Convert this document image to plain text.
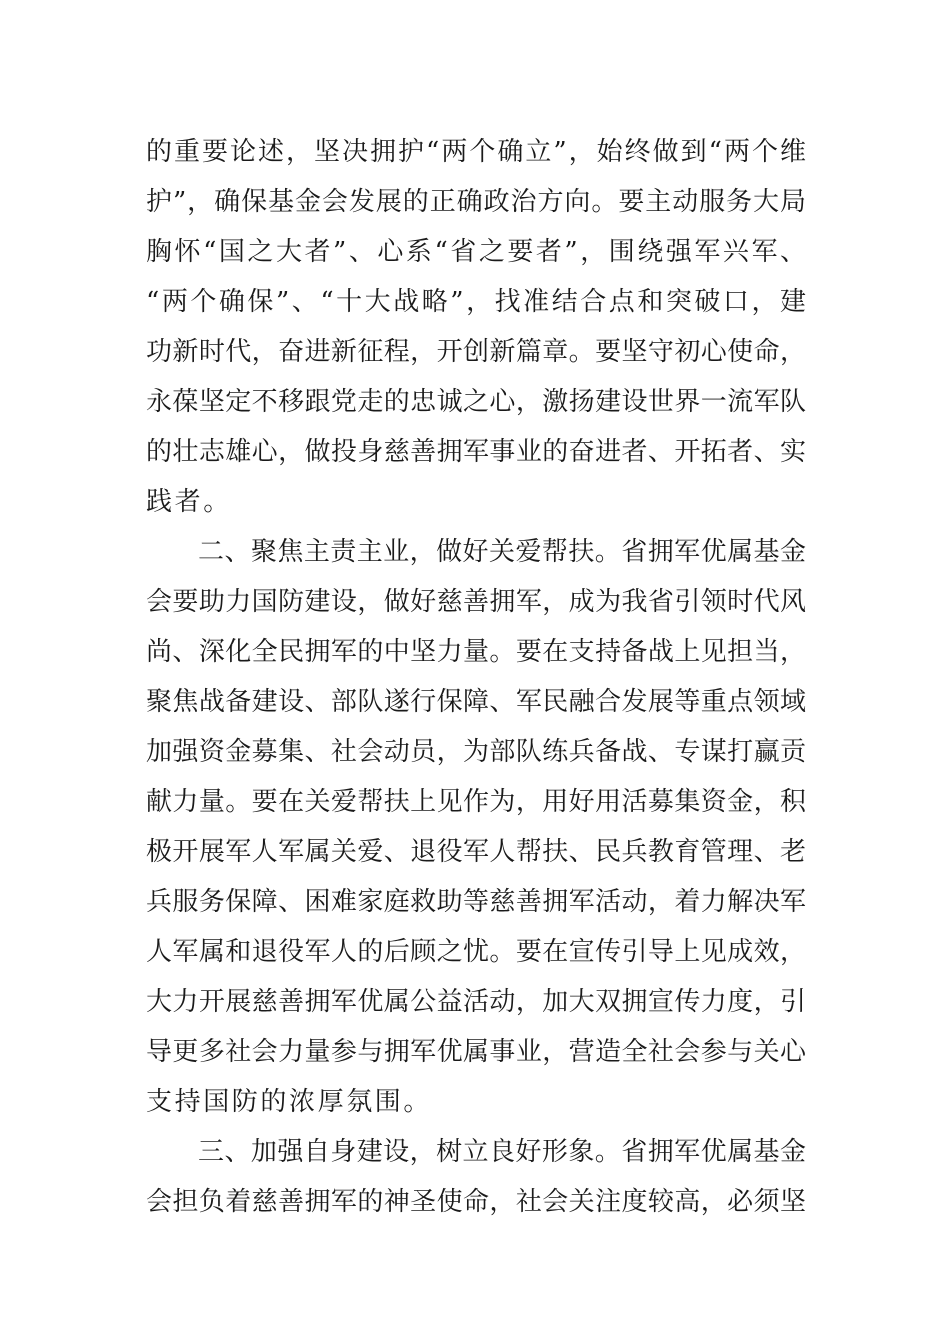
的重要论述，坚决拥护“两个确立”，始终做到“两个维
护”，确保基金会发展的正确政治方向。要主动服务大局
胸怀“国之大者”、心系“省之要者”，围绕强军兴军、
“两个确保”、“十大战略”，找准结合点和突破口，建
功新时代，奋进新征程，开创新篇章。要坚守初心使命，
永葆坚定不移跟党走的忠诚之心，激扬建设世界一流军队
的壮志雄心，做投身慈善拥军事业的奋进者、开拓者、实
践者。
二、聚焦主责主业，做好关爱帮扶。省拥军优属基金
会要助力国防建设，做好慈善拥军，成为我省引领时代风
尚、深化全民拥军的中坚力量。要在支持备战上见担当，
聚焦战备建设、部队遂行保障、军民融合发展等重点领域
加强资金募集、社会动员，为部队练兵备战、专谋打赢贡
献力量。要在关爱帮扶上见作为，用好用活募集资金，积
极开展军人军属关爱、退役军人帮扶、民兵教育管理、老
兵服务保障、困难家庭救助等慈善拥军活动，着力解决军
人军属和退役军人的后顾之忧。要在宣传引导上见成效，
大力开展慈善拥军优属公益活动，加大双拥宣传力度，引
导更多社会力量参与拥军优属事业，营造全社会参与关心
支持国防的浓厚氛围。
三、加强自身建设，树立良好形象。省拥军优属基金
会担负着慈善拥军的神圣使命，社会关注度较高，必须坚
